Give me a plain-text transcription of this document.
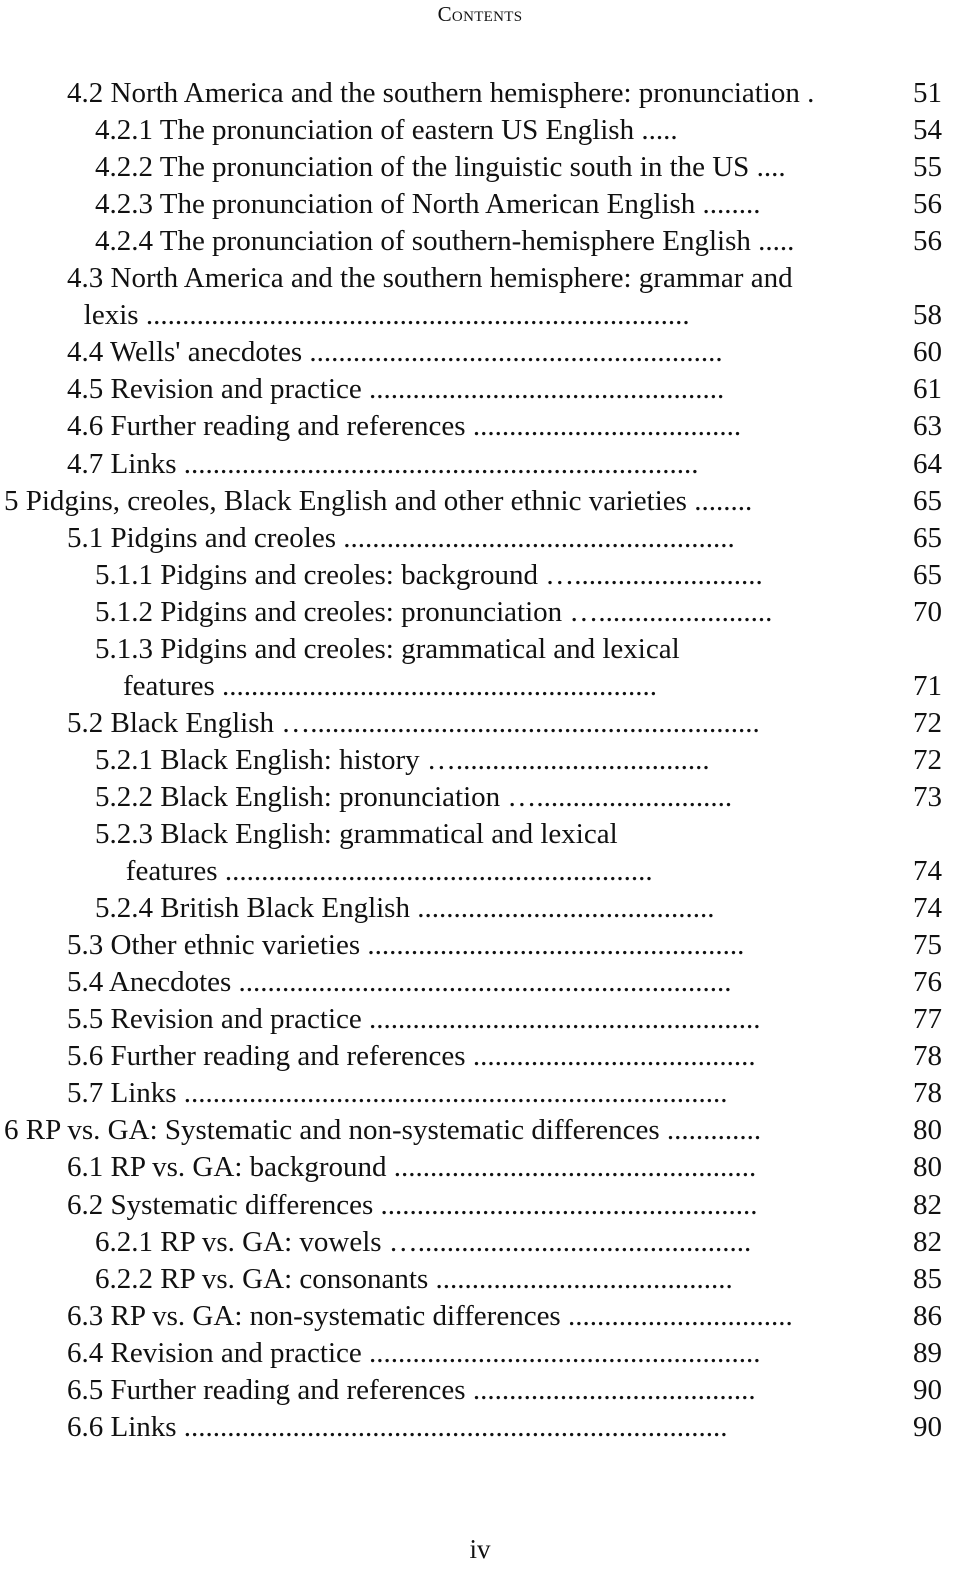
Contents
4.2 North America and the southern hemisphere: pronunciation .	51
4.2.1 The pronunciation of eastern US English .....	54
4.2.2 The pronunciation of the linguistic south in the US ....	55
4.2.3 The pronunciation of North American English ........	56
4.2.4 The pronunciation of southern-hemisphere English .....	56
4.3 North America and the southern hemisphere: grammar and
lexis ...........................................................................	58
4.4 Wells' anecdotes .........................................................	60
4.5 Revision and practice .................................................	61
4.6 Further reading and references .....................................	63
4.7 Links .......................................................................	64
5 Pidgins, creoles, Black English and other ethnic varieties ........	65
5.1 Pidgins and creoles ......................................................	65
5.1.1 Pidgins and creoles: background …..........................	65
5.1.2 Pidgins and creoles: pronunciation …........................	70
5.1.3 Pidgins and creoles: grammatical and lexical
features ............................................................	71
5.2 Black English …..............................................................	72
5.2.1 Black English: history …...................................	72
5.2.2 Black English: pronunciation …...........................	73
5.2.3 Black English: grammatical and lexical
features ...........................................................	74
5.2.4 British Black English .........................................	74
5.3 Other ethnic varieties ....................................................	75
5.4 Anecdotes ....................................................................	76
5.5 Revision and practice ......................................................	77
5.6 Further reading and references .......................................	78
5.7 Links ...........................................................................	78
6 RP vs. GA: Systematic and non-systematic differences .............	80
6.1 RP vs. GA: background ..................................................	80
6.2 Systematic differences ....................................................	82
6.2.1 RP vs. GA: vowels …..............................................	82
6.2.2 RP vs. GA: consonants .........................................	85
6.3 RP vs. GA: non-systematic differences ...............................	86
6.4 Revision and practice ......................................................	89
6.5 Further reading and references .......................................	90
6.6 Links ...........................................................................	90
iv
